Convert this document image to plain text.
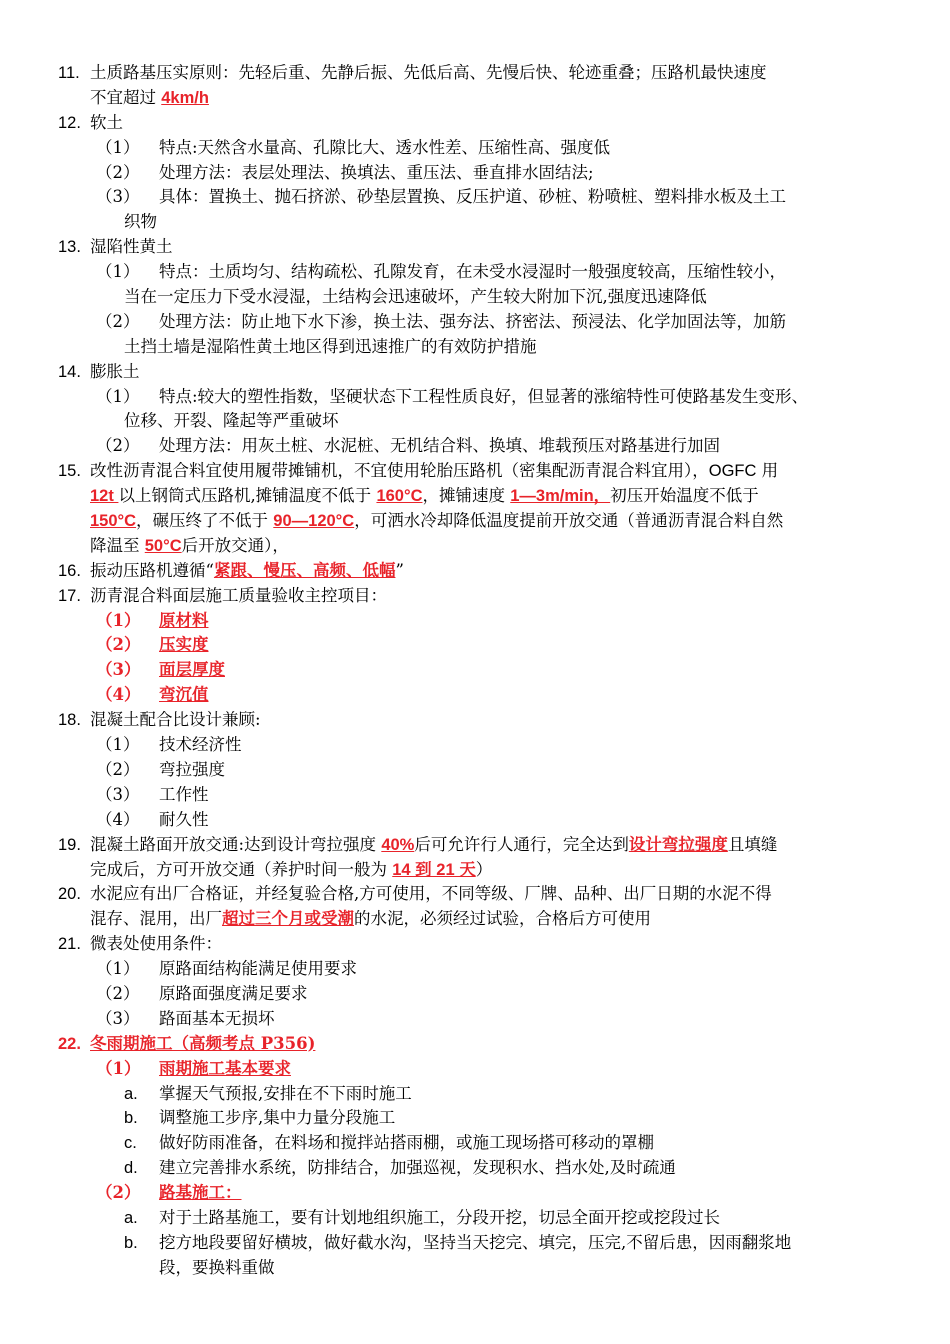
11. 土质路基压实原则：先轻后重、先静后振、先低后高、先慢后快、轮迹重叠；压路机最快速度
不宜超过 4km/h
12. 软土
（1） 特点:天然含水量高、孔隙比大、透水性差、压缩性高、强度低
（2） 处理方法：表层处理法、换填法、重压法、垂直排水固结法;
（3） 具体：置换土、抛石挤淤、砂垫层置换、反压护道、砂桩、粉喷桩、塑料排水板及土工
织物
13. 湿陷性黄土
（1） 特点：土质均匀、结构疏松、孔隙发育，在未受水浸湿时一般强度较高，压缩性较小，
当在一定压力下受水浸湿，土结构会迅速破坏，产生较大附加下沉,强度迅速降低
（2） 处理方法：防止地下水下渗，换土法、强夯法、挤密法、预浸法、化学加固法等，加筋
土挡土墙是湿陷性黄土地区得到迅速推广的有效防护措施
14. 膨胀土
（1） 特点:较大的塑性指数，坚硬状态下工程性质良好，但显著的涨缩特性可使路基发生变形、
位移、开裂、隆起等严重破坏
（2） 处理方法：用灰土桩、水泥桩、无机结合料、换填、堆载预压对路基进行加固
15. 改性沥青混合料宜使用履带摊铺机，不宜使用轮胎压路机（密集配沥青混合料宜用），OGFC 用
12t 以上钢筒式压路机,摊铺温度不低于 160°C，摊铺速度 1—3m/min，初压开始温度不低于
150°C，碾压终了不低于 90—120°C，可洒水冷却降低温度提前开放交通（普通沥青混合料自然
降温至 50°C后开放交通），
16. 振动压路机遵循“紧跟、慢压、高频、低幅”
17. 沥青混合料面层施工质量验收主控项目：
（1） 原材料
（2） 压实度
（3） 面层厚度
（4） 弯沉值
18. 混凝土配合比设计兼顾:
（1） 技术经济性
（2） 弯拉强度
（3） 工作性
（4） 耐久性
19. 混凝土路面开放交通:达到设计弯拉强度 40%后可允许行人通行，完全达到设计弯拉强度且填缝
完成后，方可开放交通（养护时间一般为 14 到 21 天）
20. 水泥应有出厂合格证，并经复验合格,方可使用，不同等级、厂牌、品种、出厂日期的水泥不得
混存、混用，出厂超过三个月或受潮的水泥，必须经过试验，合格后方可使用
21. 微表处使用条件：
（1） 原路面结构能满足使用要求
（2） 原路面强度满足要求
（3） 路面基本无损坏
22. 冬雨期施工（高频考点 P356)
（1） 雨期施工基本要求
a. 掌握天气预报,安排在不下雨时施工
b. 调整施工步序,集中力量分段施工
c. 做好防雨准备，在料场和搅拌站搭雨棚，或施工现场搭可移动的罩棚
d. 建立完善排水系统，防排结合，加强巡视，发现积水、挡水处,及时疏通
（2） 路基施工：
a. 对于土路基施工，要有计划地组织施工，分段开挖，切忌全面开挖或挖段过长
b. 挖方地段要留好横坡，做好截水沟，坚持当天挖完、填完，压完,不留后患，因雨翻浆地
段，要换料重做
